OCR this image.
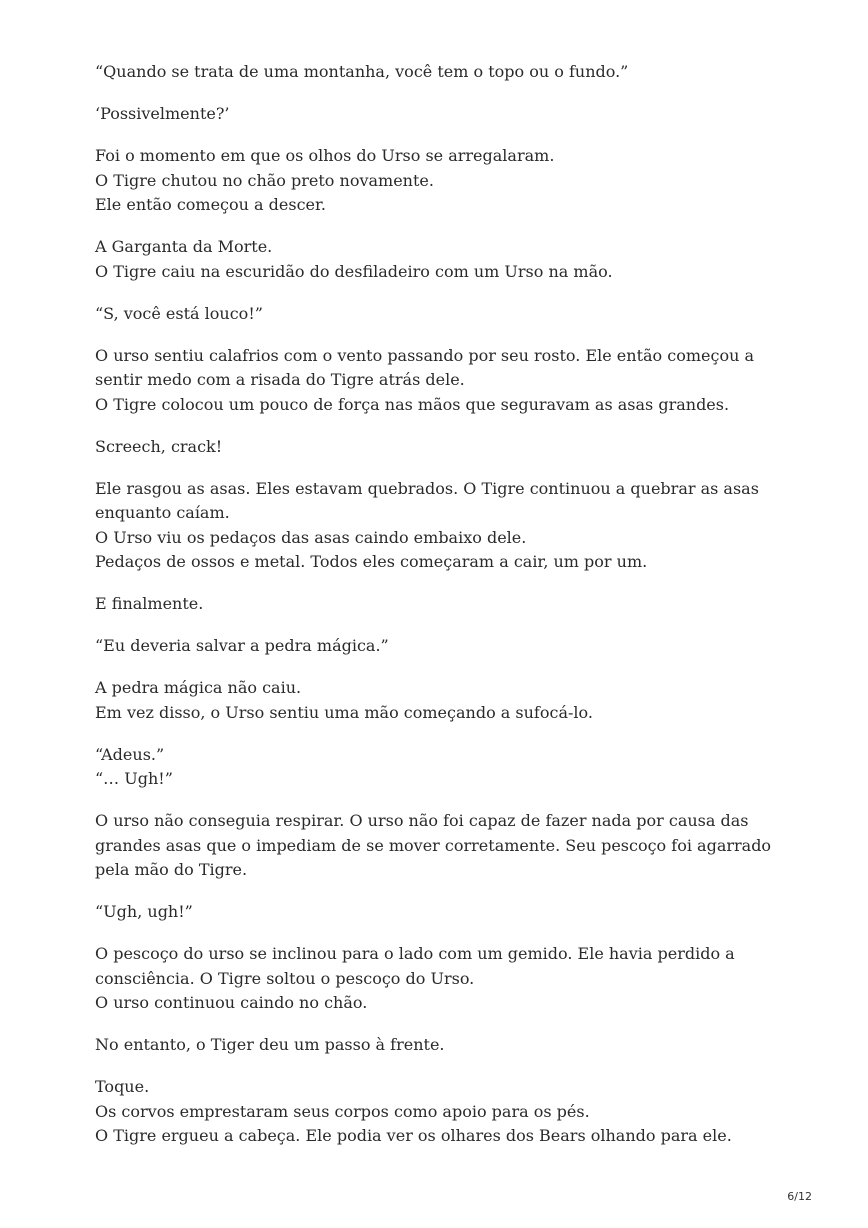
“Quando se trata de uma montanha, você tem o topo ou o fundo.”

‘Possivelmente?’

Foi o momento em que os olhos do Urso se arregalaram.
O Tigre chutou no chão preto novamente.
Ele então começou a descer.

A Garganta da Morte.
O Tigre caiu na escuridão do desfiladeiro com um Urso na mão.

“S, você está louco!”

O urso sentiu calafrios com o vento passando por seu rosto. Ele então começou a sentir medo com a risada do Tigre atrás dele.
O Tigre colocou um pouco de força nas mãos que seguravam as asas grandes.

Screech, crack!

Ele rasgou as asas. Eles estavam quebrados. O Tigre continuou a quebrar as asas enquanto caíam.
O Urso viu os pedaços das asas caindo embaixo dele.
Pedaços de ossos e metal. Todos eles começaram a cair, um por um.

E finalmente.

“Eu deveria salvar a pedra mágica.”

A pedra mágica não caiu.
Em vez disso, o Urso sentiu uma mão começando a sufocá-lo.

“Adeus.”
“… Ugh!”

O urso não conseguia respirar. O urso não foi capaz de fazer nada por causa das grandes asas que o impediam de se mover corretamente. Seu pescoço foi agarrado pela mão do Tigre.

“Ugh, ugh!”

O pescoço do urso se inclinou para o lado com um gemido. Ele havia perdido a consciência. O Tigre soltou o pescoço do Urso.
O urso continuou caindo no chão.

No entanto, o Tiger deu um passo à frente.

Toque.
Os corvos emprestaram seus corpos como apoio para os pés.
O Tigre ergueu a cabeça. Ele podia ver os olhares dos Bears olhando para ele.

6/12
